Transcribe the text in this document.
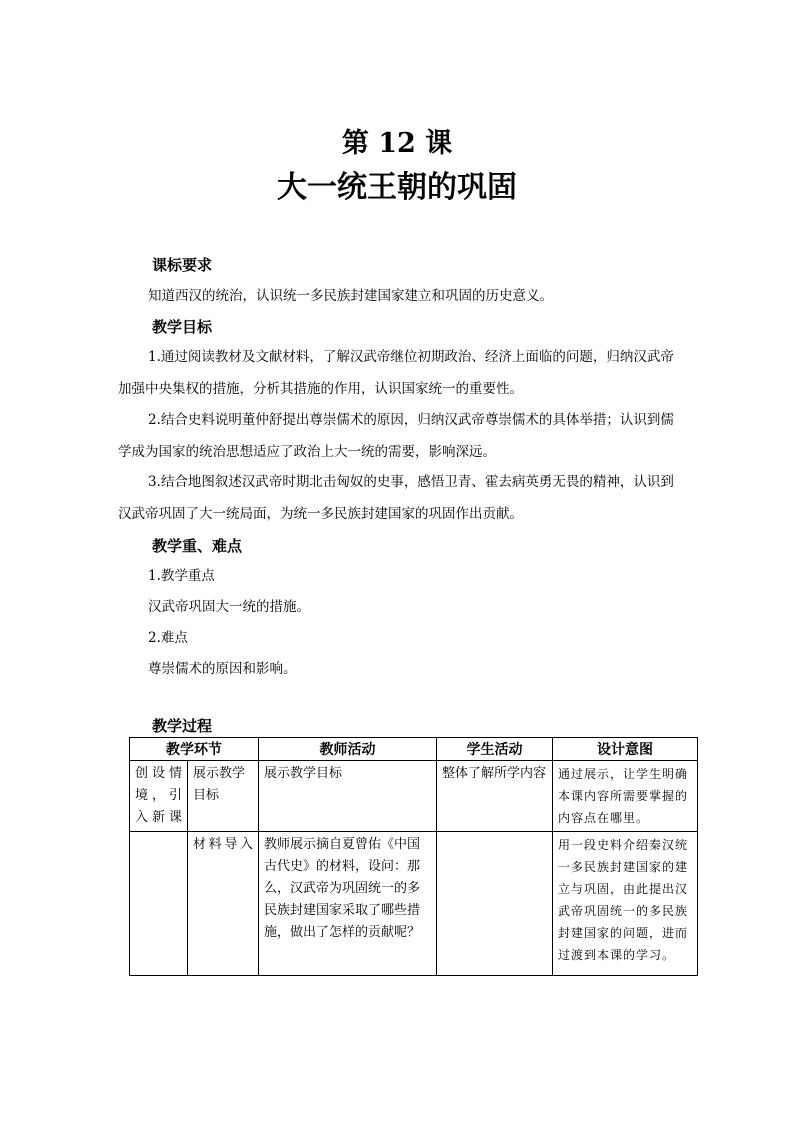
第 12 课
大一统王朝的巩固
课标要求
知道西汉的统治，认识统一多民族封建国家建立和巩固的历史意义。
教学目标
1.通过阅读教材及文献材料，了解汉武帝继位初期政治、经济上面临的问题，归纳汉武帝加强中央集权的措施，分析其措施的作用，认识国家统一的重要性。
2.结合史料说明董仲舒提出尊崇儒术的原因，归纳汉武帝尊崇儒术的具体举措；认识到儒学成为国家的统治思想适应了政治上大一统的需要，影响深远。
3.结合地图叙述汉武帝时期北击匈奴的史事，感悟卫青、霍去病英勇无畏的精神，认识到汉武帝巩固了大一统局面，为统一多民族封建国家的巩固作出贡献。
教学重、难点
1.教学重点
汉武帝巩固大一统的措施。
2.难点
尊崇儒术的原因和影响。
教学过程
教学环节		教师活动	学生活动	设计意图
创设情境，引入新课	展示教学目标	展示教学目标	整体了解所学内容	通过展示，让学生明确本课内容所需要掌握的内容点在哪里。
	材料导入	教师展示摘自夏曾佑《中国古代史》的材料，设问：那么，汉武帝为巩固统一的多民族封建国家采取了哪些措施，做出了怎样的贡献呢？		用一段史料介绍秦汉统一多民族封建国家的建立与巩固，由此提出汉武帝巩固统一的多民族封建国家的问题，进而过渡到本课的学习。
